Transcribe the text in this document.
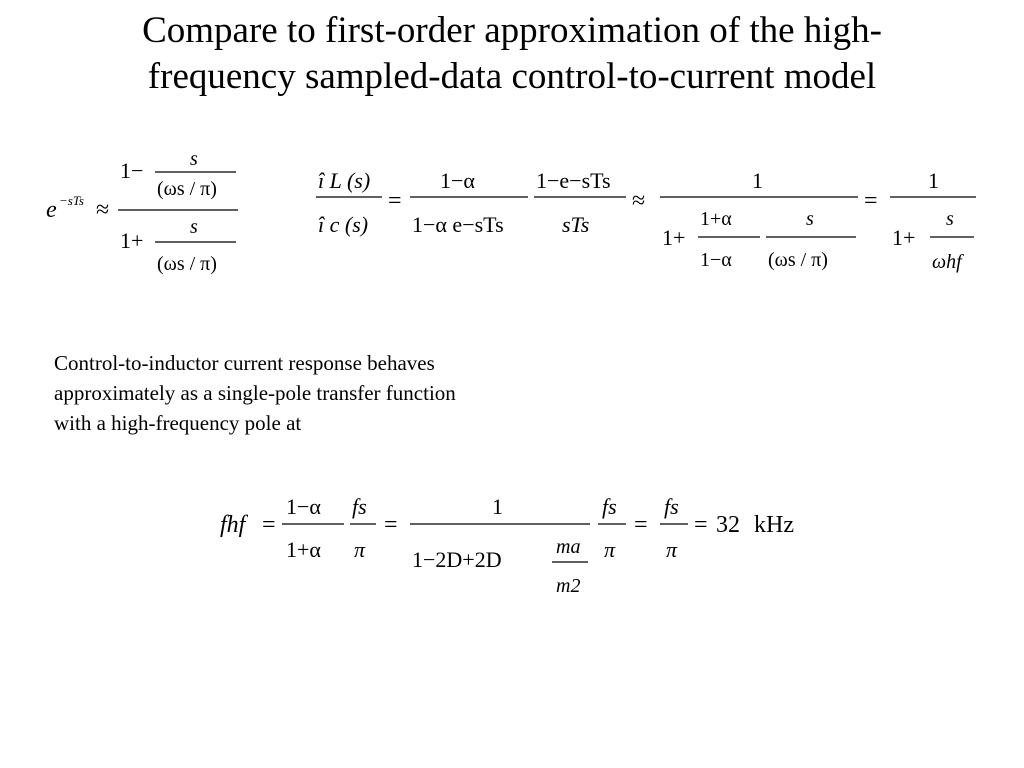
Compare to first-order approximation of the high-
frequency sampled-data control-to-current model
e −sTs ≈
1− s
(ωs / π)
1+
s
(ωs / π)
î L (s)
î c (s)
=
1−α
1−α e−sTs
1−e−sTs
sTs
≈
1
1+
1+α
1−α
s
(ωs / π)
=
1
1+
s
ωhf
fhf =
1−α
1+α
fs
π
=
1
1−2D+2D	ma
m2
fs
π
=
fs
π
= 32 kHz
Control-to-inductor current response behaves
approximately as a single-pole transfer function
with a high-frequency pole at
